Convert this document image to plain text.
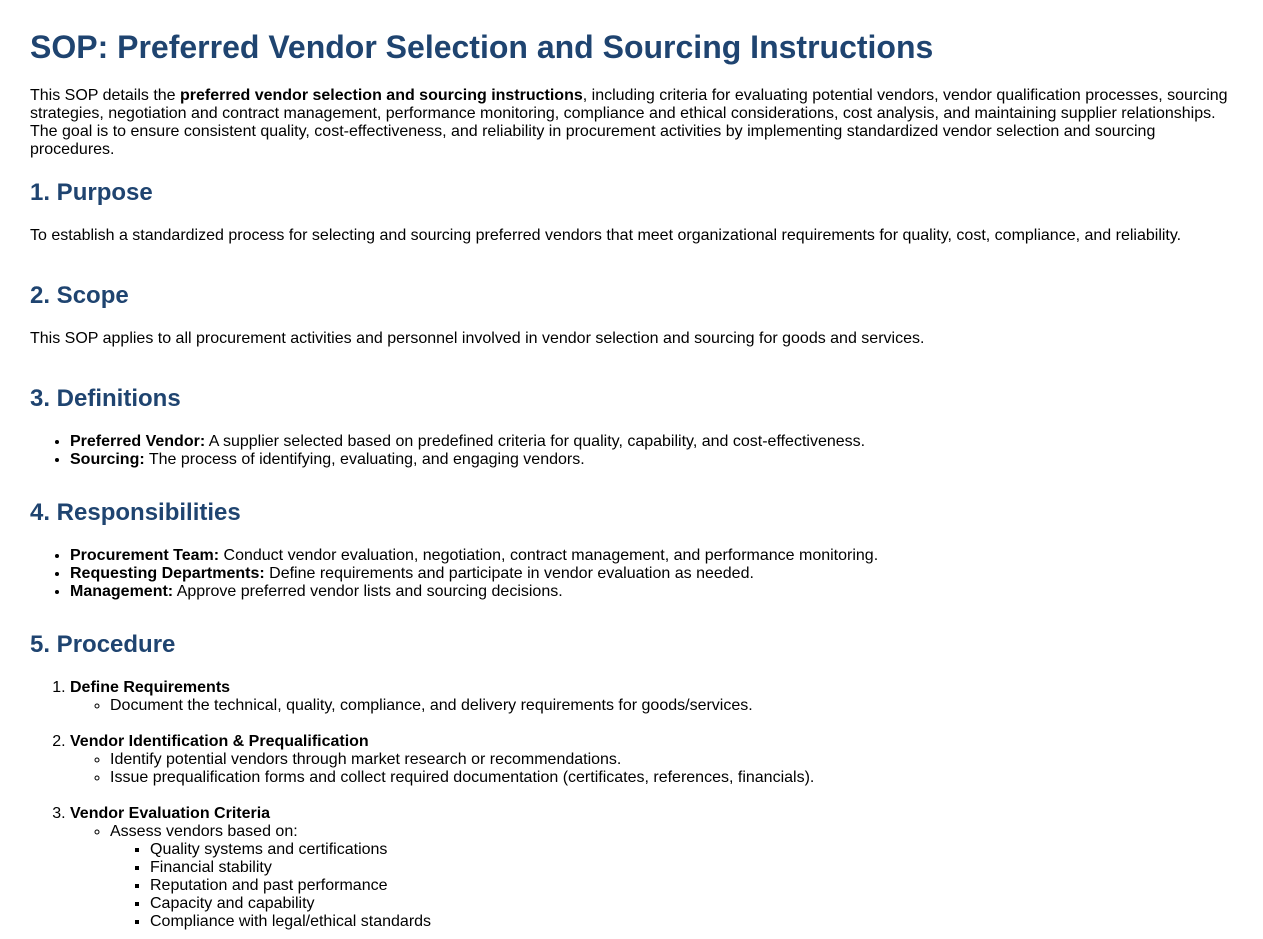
SOP: Preferred Vendor Selection and Sourcing Instructions

This SOP details the preferred vendor selection and sourcing instructions, including criteria for evaluating potential vendors, vendor qualification processes, sourcing strategies, negotiation and contract management, performance monitoring, compliance and ethical considerations, cost analysis, and maintaining supplier relationships. The goal is to ensure consistent quality, cost-effectiveness, and reliability in procurement activities by implementing standardized vendor selection and sourcing procedures.

1. Purpose

To establish a standardized process for selecting and sourcing preferred vendors that meet organizational requirements for quality, cost, compliance, and reliability.

2. Scope

This SOP applies to all procurement activities and personnel involved in vendor selection and sourcing for goods and services.

3. Definitions
• Preferred Vendor: A supplier selected based on predefined criteria for quality, capability, and cost-effectiveness.
• Sourcing: The process of identifying, evaluating, and engaging vendors.
4. Responsibilities
• Procurement Team: Conduct vendor evaluation, negotiation, contract management, and performance monitoring.
• Requesting Departments: Define requirements and participate in vendor evaluation as needed.
• Management: Approve preferred vendor lists and sourcing decisions.
5. Procedure
1. Define Requirements
◦ Document the technical, quality, compliance, and delivery requirements for goods/services.
2. Vendor Identification & Prequalification
◦ Identify potential vendors through market research or recommendations.
◦ Issue prequalification forms and collect required documentation (certificates, references, financials).
3. Vendor Evaluation Criteria
◦ Assess vendors based on:
▪ Quality systems and certifications
▪ Financial stability
▪ Reputation and past performance
▪ Capacity and capability
▪ Compliance with legal/ethical standards
